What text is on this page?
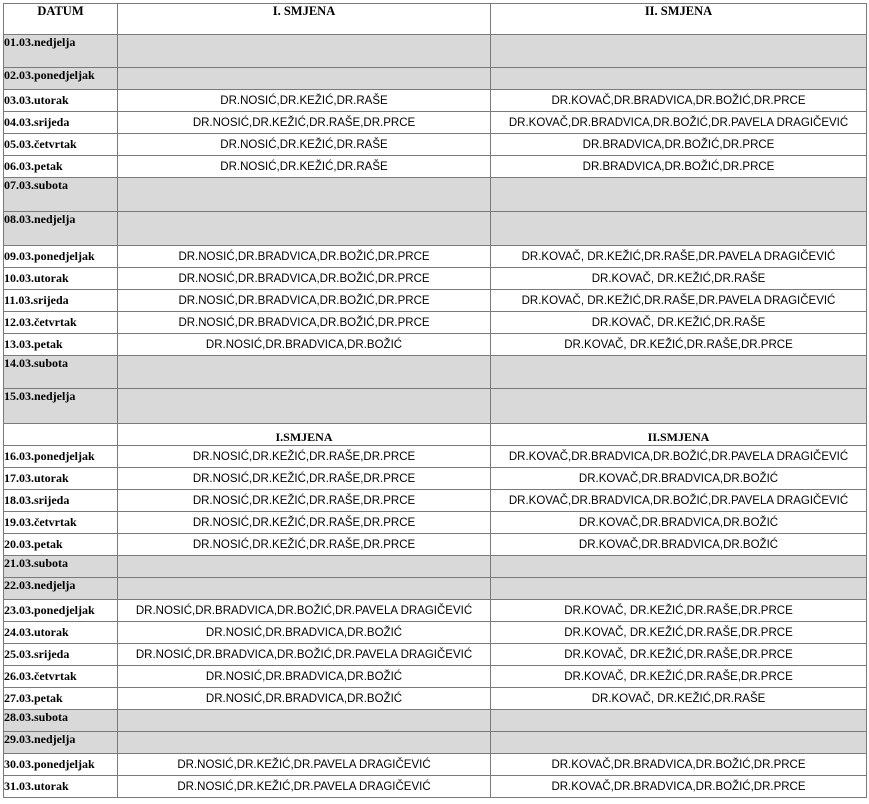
DATUM	I. SMJENA	II. SMJENA
01.03.nedjelja		
02.03.ponedjeljak		
03.03.utorak	DR.NOSIĆ,DR.KEŽIĆ,DR.RAŠE	DR.KOVAČ,DR.BRADVICA,DR.BOŽIĆ,DR.PRCE
04.03.srijeda	DR.NOSIĆ,DR.KEŽIĆ,DR.RAŠE,DR.PRCE	DR.KOVAČ,DR.BRADVICA,DR.BOŽIĆ,DR.PAVELA DRAGIČEVIĆ
05.03.četvrtak	DR.NOSIĆ,DR.KEŽIĆ,DR.RAŠE	DR.BRADVICA,DR.BOŽIĆ,DR.PRCE
06.03.petak	DR.NOSIĆ,DR.KEŽIĆ,DR.RAŠE	DR.BRADVICA,DR.BOŽIĆ,DR.PRCE
07.03.subota		
08.03.nedjelja		
09.03.ponedjeljak	DR.NOSIĆ,DR.BRADVICA,DR.BOŽIĆ,DR.PRCE	DR.KOVAČ, DR.KEŽIĆ,DR.RAŠE,DR.PAVELA DRAGIČEVIĆ
10.03.utorak	DR.NOSIĆ,DR.BRADVICA,DR.BOŽIĆ,DR.PRCE	DR.KOVAČ, DR.KEŽIĆ,DR.RAŠE
11.03.srijeda	DR.NOSIĆ,DR.BRADVICA,DR.BOŽIĆ,DR.PRCE	DR.KOVAČ, DR.KEŽIĆ,DR.RAŠE,DR.PAVELA DRAGIČEVIĆ
12.03.četvrtak	DR.NOSIĆ,DR.BRADVICA,DR.BOŽIĆ,DR.PRCE	DR.KOVAČ, DR.KEŽIĆ,DR.RAŠE
13.03.petak	DR.NOSIĆ,DR.BRADVICA,DR.BOŽIĆ	DR.KOVAČ, DR.KEŽIĆ,DR.RAŠE,DR.PRCE
14.03.subota		
15.03.nedjelja		
	I.SMJENA	II.SMJENA
16.03.ponedjeljak	DR.NOSIĆ,DR.KEŽIĆ,DR.RAŠE,DR.PRCE	DR.KOVAČ,DR.BRADVICA,DR.BOŽIĆ,DR.PAVELA DRAGIČEVIĆ
17.03.utorak	DR.NOSIĆ,DR.KEŽIĆ,DR.RAŠE,DR.PRCE	DR.KOVAČ,DR.BRADVICA,DR.BOŽIĆ
18.03.srijeda	DR.NOSIĆ,DR.KEŽIĆ,DR.RAŠE,DR.PRCE	DR.KOVAČ,DR.BRADVICA,DR.BOŽIĆ,DR.PAVELA DRAGIČEVIĆ
19.03.četvrtak	DR.NOSIĆ,DR.KEŽIĆ,DR.RAŠE,DR.PRCE	DR.KOVAČ,DR.BRADVICA,DR.BOŽIĆ
20.03.petak	DR.NOSIĆ,DR.KEŽIĆ,DR.RAŠE,DR.PRCE	DR.KOVAČ,DR.BRADVICA,DR.BOŽIĆ
21.03.subota		
22.03.nedjelja		
23.03.ponedjeljak	DR.NOSIĆ,DR.BRADVICA,DR.BOŽIĆ,DR.PAVELA DRAGIČEVIĆ	DR.KOVAČ, DR.KEŽIĆ,DR.RAŠE,DR.PRCE
24.03.utorak	DR.NOSIĆ,DR.BRADVICA,DR.BOŽIĆ	DR.KOVAČ, DR.KEŽIĆ,DR.RAŠE,DR.PRCE
25.03.srijeda	DR.NOSIĆ,DR.BRADVICA,DR.BOŽIĆ,DR.PAVELA DRAGIČEVIĆ	DR.KOVAČ, DR.KEŽIĆ,DR.RAŠE,DR.PRCE
26.03.četvrtak	DR.NOSIĆ,DR.BRADVICA,DR.BOŽIĆ	DR.KOVAČ, DR.KEŽIĆ,DR.RAŠE,DR.PRCE
27.03.petak	DR.NOSIĆ,DR.BRADVICA,DR.BOŽIĆ	DR.KOVAČ, DR.KEŽIĆ,DR.RAŠE
28.03.subota		
29.03.nedjelja		
30.03.ponedjeljak	DR.NOSIĆ,DR.KEŽIĆ,DR.PAVELA DRAGIČEVIĆ	DR.KOVAČ,DR.BRADVICA,DR.BOŽIĆ,DR.PRCE
31.03.utorak	DR.NOSIĆ,DR.KEŽIĆ,DR.PAVELA DRAGIČEVIĆ	DR.KOVAČ,DR.BRADVICA,DR.BOŽIĆ,DR.PRCE
